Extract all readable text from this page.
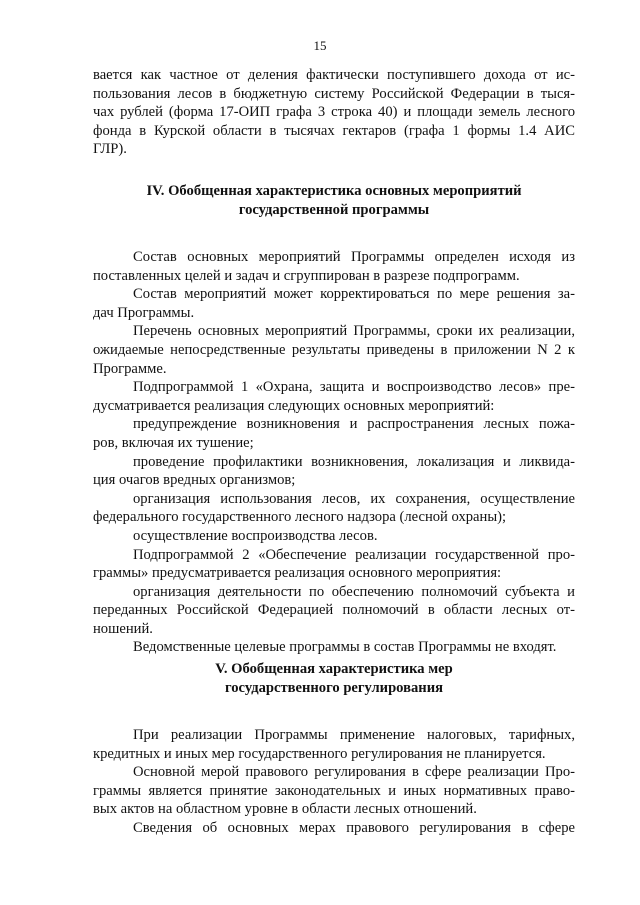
15
вается как частное от деления фактически поступившего дохода от ис-
пользования лесов в бюджетную систему Российской Федерации в тыся-
чах рублей (форма 17-ОИП графа 3 строка 40) и площади земель лесного
фонда в Курской области в тысячах гектаров (графа 1 формы 1.4 АИС
ГЛР).
IV. Обобщенная характеристика основных мероприятий
государственной программы
Состав основных мероприятий Программы определен исходя из
поставленных целей и задач и сгруппирован в разрезе подпрограмм.
Состав мероприятий может корректироваться по мере решения за-
дач Программы.
Перечень основных мероприятий Программы, сроки их реализации,
ожидаемые непосредственные результаты приведены в приложении N 2 к
Программе.
Подпрограммой 1 «Охрана, защита и воспроизводство лесов» пре-
дусматривается реализация следующих основных мероприятий:
предупреждение возникновения и распространения лесных пожа-
ров, включая их тушение;
проведение профилактики возникновения, локализация и ликвида-
ция очагов вредных организмов;
организация использования лесов, их сохранения, осуществление
федерального государственного лесного надзора (лесной охраны);
осуществление воспроизводства лесов.
Подпрограммой 2 «Обеспечение реализации государственной про-
граммы» предусматривается реализация основного мероприятия:
организация деятельности по обеспечению полномочий субъекта и
переданных Российской Федерацией полномочий в области лесных от-
ношений.
Ведомственные целевые программы в состав Программы не входят.
V. Обобщенная характеристика мер
государственного регулирования
При реализации Программы применение налоговых, тарифных,
кредитных и иных мер государственного регулирования не планируется.
Основной мерой правового регулирования в сфере реализации Про-
граммы является принятие законодательных и иных нормативных право-
вых актов на областном уровне в области лесных отношений.
Сведения об основных мерах правового регулирования в сфере
